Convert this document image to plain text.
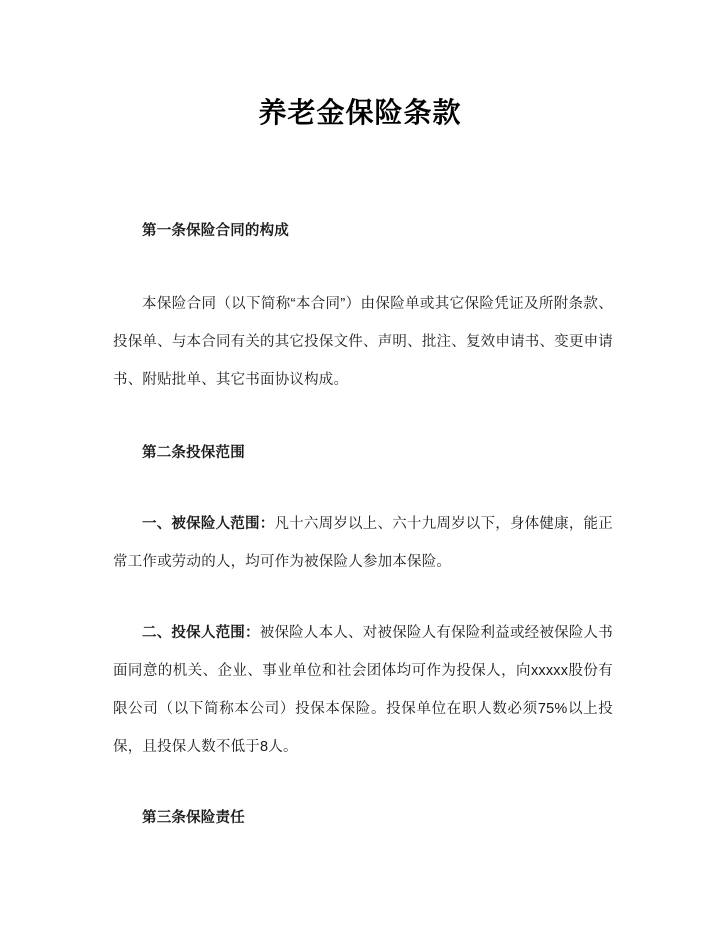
养老金保险条款

第一条保险合同的构成

本保险合同（以下简称“本合同”）由保险单或其它保险凭证及所附条款、投保单、与本合同有关的其它投保文件、声明、批注、复效申请书、变更申请书、附贴批单、其它书面协议构成。

第二条投保范围

一、被保险人范围：凡十六周岁以上、六十九周岁以下，身体健康，能正常工作或劳动的人，均可作为被保险人参加本保险。

二、投保人范围：被保险人本人、对被保险人有保险利益或经被保险人书面同意的机关、企业、事业单位和社会团体均可作为投保人，向xxxxx股份有限公司（以下简称本公司）投保本保险。投保单位在职人数必须75%以上投保，且投保人数不低于8人。

第三条保险责任
